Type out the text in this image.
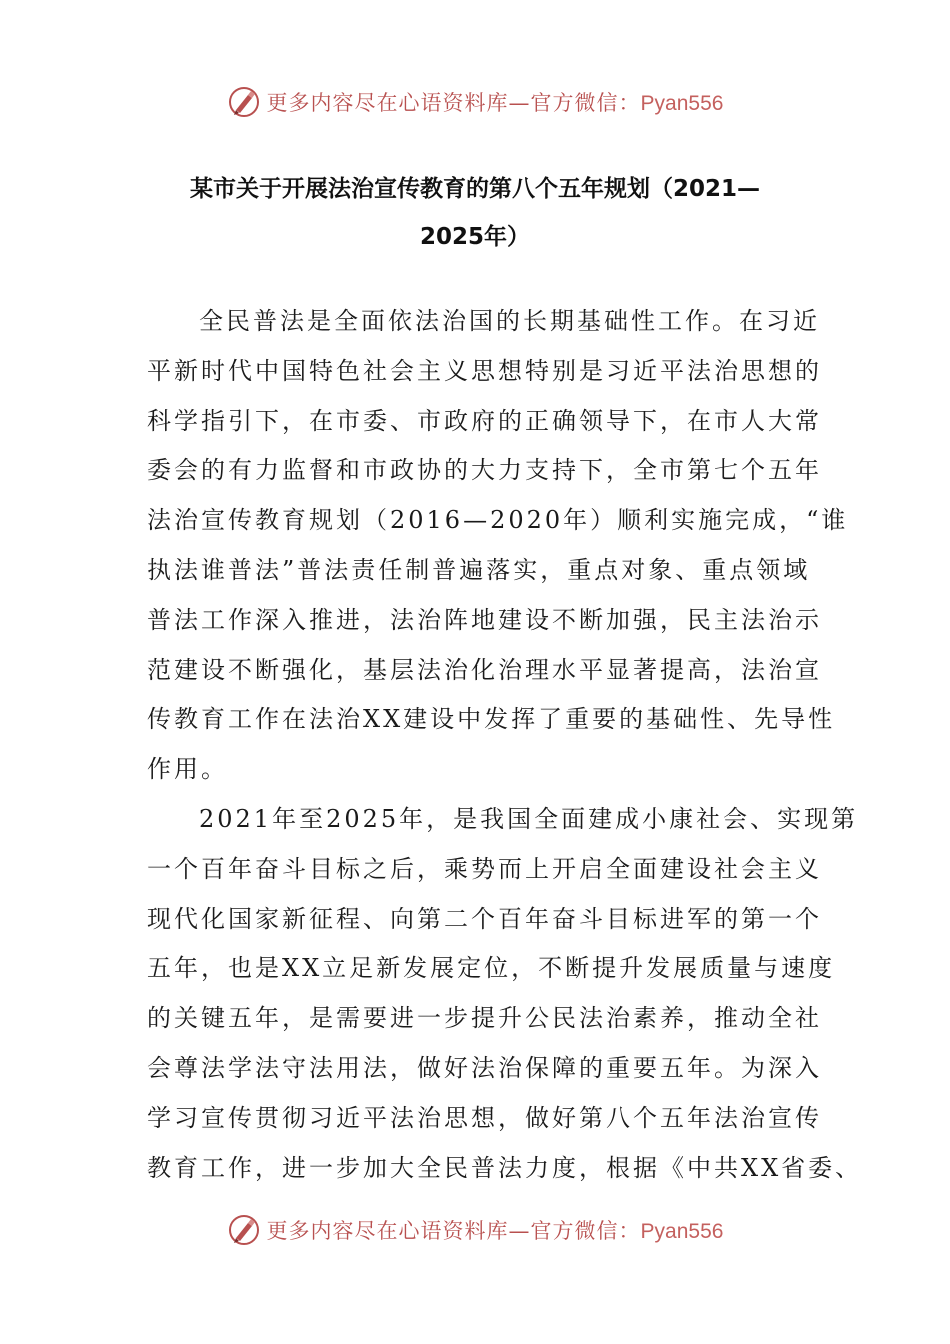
更多内容尽在心语资料库—官方微信：Pyan556
某市关于开展法治宣传教育的第八个五年规划（2021—
2025年）
全民普法是全面依法治国的长期基础性工作。在习近
平新时代中国特色社会主义思想特别是习近平法治思想的
科学指引下，在市委、市政府的正确领导下，在市人大常
委会的有力监督和市政协的大力支持下，全市第七个五年
法治宣传教育规划（2016—2020年）顺利实施完成，“谁
执法谁普法”普法责任制普遍落实，重点对象、重点领域
普法工作深入推进，法治阵地建设不断加强，民主法治示
范建设不断强化，基层法治化治理水平显著提高，法治宣
传教育工作在法治XX建设中发挥了重要的基础性、先导性
作用。
2021年至2025年，是我国全面建成小康社会、实现第
一个百年奋斗目标之后，乘势而上开启全面建设社会主义
现代化国家新征程、向第二个百年奋斗目标进军的第一个
五年，也是XX立足新发展定位，不断提升发展质量与速度
的关键五年，是需要进一步提升公民法治素养，推动全社
会尊法学法守法用法，做好法治保障的重要五年。为深入
学习宣传贯彻习近平法治思想，做好第八个五年法治宣传
教育工作，进一步加大全民普法力度，根据《中共XX省委、
更多内容尽在心语资料库—官方微信：Pyan556
